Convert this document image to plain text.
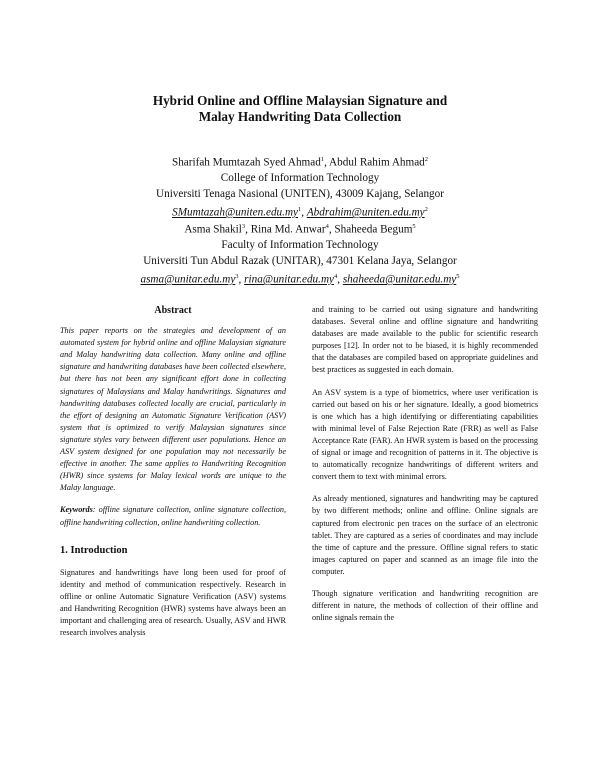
Hybrid Online and Offline Malaysian Signature and
Malay Handwriting Data Collection
Sharifah Mumtazah Syed Ahmad$^1$, Abdul Rahim Ahmad$^2$
College of Information Technology
Universiti Tenaga Nasional (UNITEN), 43009 Kajang, Selangor
$SMumtazah@uniten.edu.my^1$, $Abdrahim@uniten.edu.my^2$
Asma Shakil$^3$, Rina Md. Anwar$^4$, Shaheeda Begum$^5$
Faculty of Information Technology
Universiti Tun Abdul Razak (UNITAR), 47301 Kelana Jaya, Selangor
$asma@unitar.edu.my^3$, $rina@unitar.edu.my^4$, $shaheeda@unitar.edu.my^5$
Abstract

This paper reports on the strategies and development of an automated system for hybrid online and offline Malaysian signature and Malay handwriting data collection. Many online and offline signature and handwriting databases have been collected elsewhere, but there has not been any significant effort done in collecting signatures of Malaysians and Malay handwritings. Signatures and handwriting databases collected locally are crucial, particularly in the effort of designing an Automatic Signature Verification (ASV) system that is optimized to verify Malaysian signatures since signature styles vary between different user populations. Hence an ASV system designed for one population may not necessarily be effective in another. The same applies to Handwriting Recognition (HWR) since systems for Malay lexical words are unique to the Malay language.

Keywords: offline signature collection, online signature collection, offline handwriting collection, online handwriting collection.

1. Introduction

Signatures and handwritings have long been used for proof of identity and method of communication respectively. Research in offline or online Automatic Signature Verification (ASV) systems and Handwriting Recognition (HWR) systems have always been an important and challenging area of research. Usually, ASV and HWR research involves analysis

and training to be carried out using signature and handwriting databases. Several online and offline signature and handwriting databases are made available to the public for scientific research purposes [12]. In order not to be biased, it is highly recommended that the databases are compiled based on appropriate guidelines and best practices as suggested in each domain.

An ASV system is a type of biometrics, where user verification is carried out based on his or her signature. Ideally, a good biometrics is one which has a high identifying or differentiating capabilities with minimal level of False Rejection Rate (FRR) as well as False Acceptance Rate (FAR). An HWR system is based on the processing of signal or image and recognition of patterns in it. The objective is to automatically recognize handwritings of different writers and convert them to text with minimal errors.

As already mentioned, signatures and handwriting may be captured by two different methods; online and offline. Online signals are captured from electronic pen traces on the surface of an electronic tablet. They are captured as a series of coordinates and may include the time of capture and the pressure. Offline signal refers to static images captured on paper and scanned as an image file into the computer.

Though signature verification and handwriting recognition are different in nature, the methods of collection of their offline and online signals remain the
